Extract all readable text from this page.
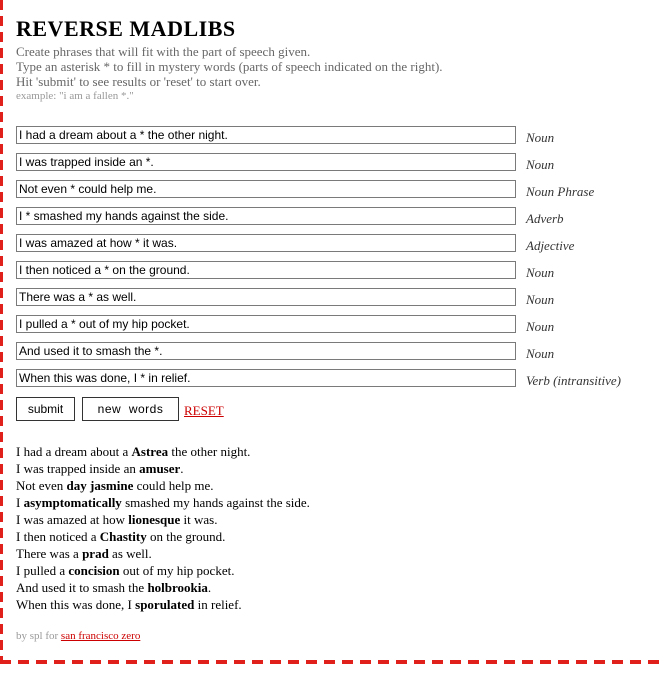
REVERSE MADLIBS
Create phrases that will fit with the part of speech given.
Type an asterisk * to fill in mystery words (parts of speech indicated on the right).
Hit 'submit' to see results or 'reset' to start over.
example: "i am a fallen *."
I had a dream about a * the other night.
Noun
I was trapped inside an *.
Noun
Not even * could help me.
Noun Phrase
I * smashed my hands against the side.
Adverb
I was amazed at how * it was.
Adjective
I then noticed a * on the ground.
Noun
There was a * as well.
Noun
I pulled a * out of my hip pocket.
Noun
And used it to smash the *.
Noun
When this was done, I * in relief.
Verb (intransitive)
submit	new  words	RESET
I had a dream about a Astrea the other night.
I was trapped inside an amuser.
Not even day jasmine could help me.
I asymptomatically smashed my hands against the side.
I was amazed at how lionesque it was.
I then noticed a Chastity on the ground.
There was a prad as well.
I pulled a concision out of my hip pocket.
And used it to smash the holbrookia.
When this was done, I sporulated in relief.
by spl for san francisco zero
